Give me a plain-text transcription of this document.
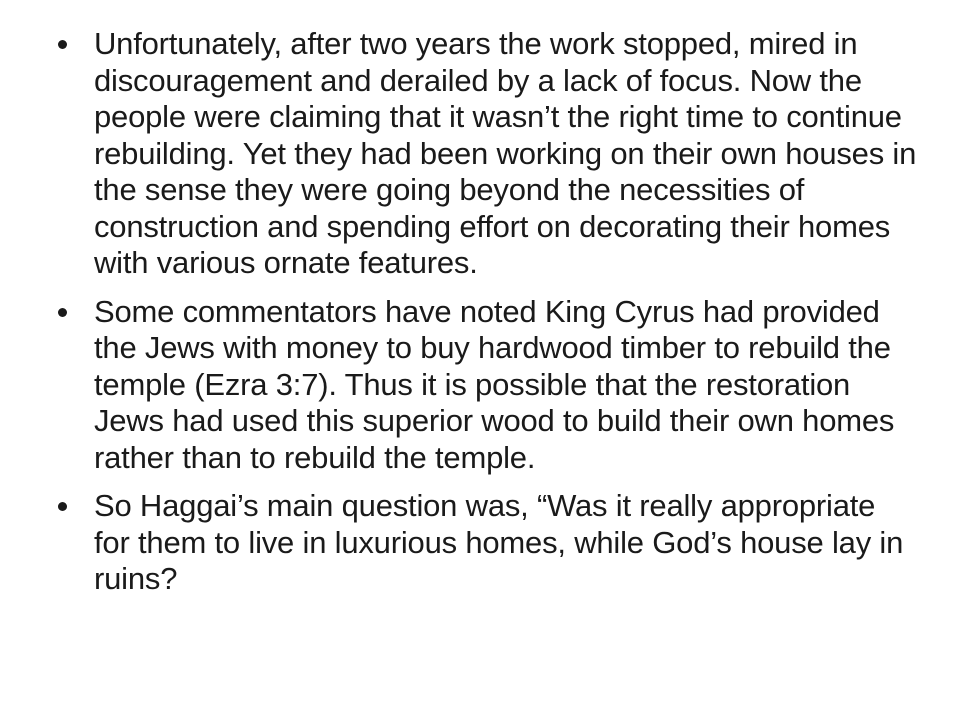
Unfortunately, after two years the work stopped, mired in discouragement and derailed by a lack of focus. Now the people were claiming that it wasn’t the right time to continue rebuilding. Yet they had been working on their own houses in the sense they were going beyond the necessities of construction and spending effort on decorating their homes with various ornate features.
Some commentators have noted King Cyrus had provided the Jews with money to buy hardwood timber to rebuild the temple (Ezra 3:7). Thus it is possible that the restoration Jews had used this superior wood to build their own homes rather than to rebuild the temple.
So Haggai’s main question was, “Was it really appropriate for them to live in luxurious homes, while God’s house lay in ruins?
